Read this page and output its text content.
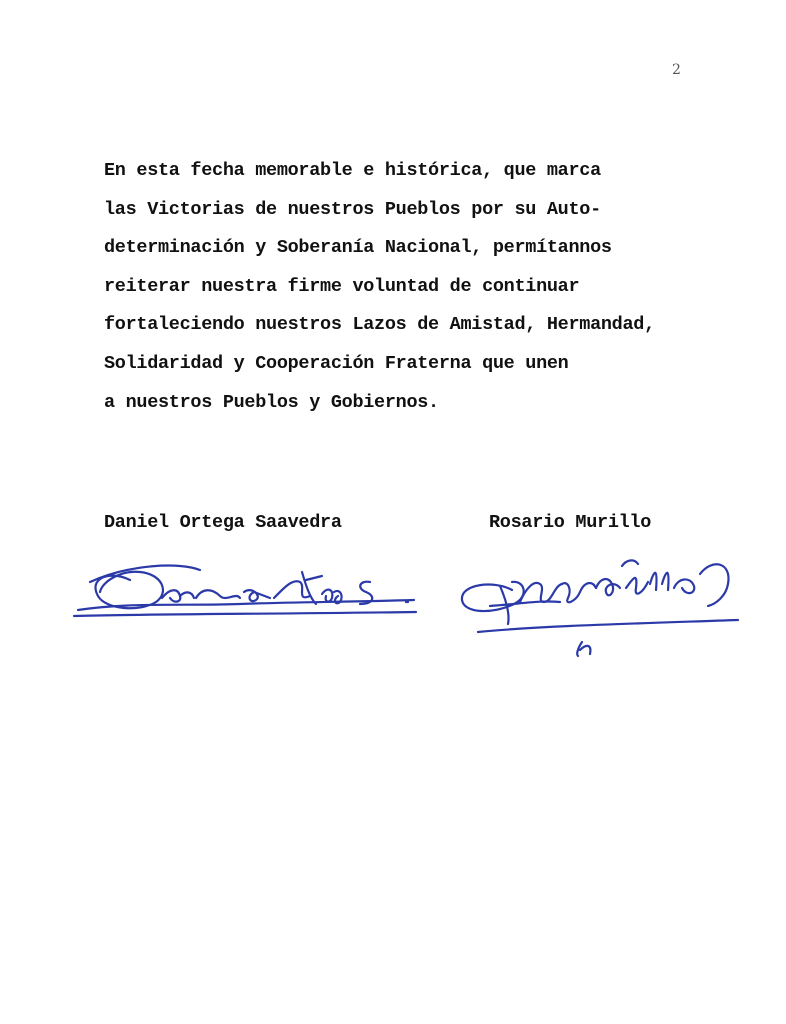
2

En esta fecha memorable e histórica, que marca
las Victorias de nuestros Pueblos por su Auto-
determinación y Soberanía Nacional, permítannos
reiterar nuestra firme voluntad de continuar
fortaleciendo nuestros Lazos de Amistad, Hermandad,
Solidaridad y Cooperación Fraterna que unen
a nuestros Pueblos y Gobiernos.

Daniel Ortega Saavedra	Rosario Murillo
